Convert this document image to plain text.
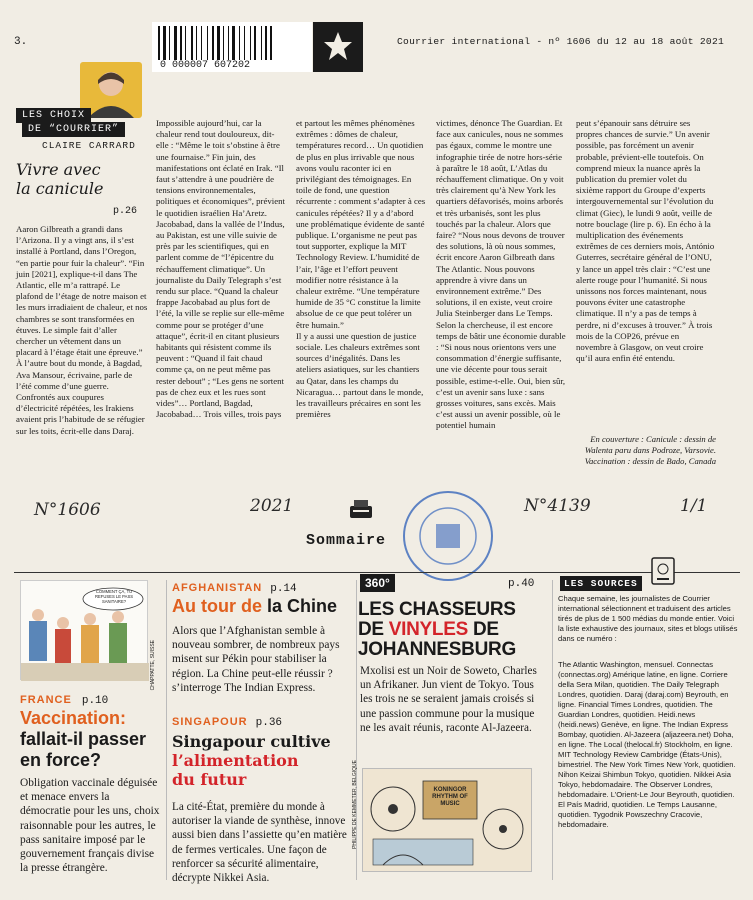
3.
0 000007 607202
Courrier international - nº 1606 du 12 au 18 août 2021
LES CHOIX
DE “COURRIER”
CLAIRE CARRARD
Vivre avec
la canicule
p.26

Aaron Gilbreath a grandi dans l’Arizona. Il y a vingt ans, il s’est installé à Portland, dans l’Oregon, “en partie pour fuir la chaleur”. “Fin juin [2021], explique-t-il dans The Atlantic, elle m’a rattrapé. Le plafond de l’étage de notre maison et les murs irradiaient de chaleur, et nos chambres se sont transformées en étuves. Le simple fait d’aller chercher un vêtement dans un placard à l’étage était une épreuve.”

À l’autre bout du monde, à Bagdad, Ava Mansour, écrivaine, parle de l’été comme d’une guerre. Confrontés aux coupures d’électricité répétées, les Irakiens avaient pris l’habitude de se réfugier sur les toits, écrit-elle dans Daraj.

Impossible aujourd’hui, car la chaleur rend tout douloureux, dit-elle : “Même le toit s’obstine à être une fournaise.” Fin juin, des manifestations ont éclaté en Irak. “Il faut s’attendre à une poudrière de tensions environnementales, politiques et économiques”, prévient le quotidien israélien Ha’Aretz. Jacobabad, dans la vallée de l’Indus, au Pakistan, est une ville suivie de près par les scientifiques, qui en parlent comme de “l’épicentre du réchauffement climatique”. Un journaliste du Daily Telegraph s’est rendu sur place. “Quand la chaleur frappe Jacobabad au plus fort de l’été, la ville se replie sur elle-même comme pour se protéger d’une attaque”, écrit-il en citant plusieurs habitants qui résistent comme ils peuvent : “Quand il fait chaud comme ça, on ne peut même pas rester debout” ; “Les gens ne sortent pas de chez eux et les rues sont vides”… Portland, Bagdad, Jacobabad… Trois villes, trois pays

et partout les mêmes phénomènes extrêmes : dômes de chaleur, températures record… Un quotidien de plus en plus irrivable que nous avons voulu raconter ici en privilégiant des témoignages. En toile de fond, une question récurrente : comment s’adapter à ces canicules répétées? Il y a d’abord une problématique évidente de santé publique. L’organisme ne peut pas tout supporter, explique la MIT Technology Review. L’humidité de l’air, l’âge et l’effort peuvent modifier notre résistance à la chaleur extrême. “Une température humide de 35 °C constitue la limite absolue de ce que peut tolérer un être humain.”

Il y a aussi une question de justice sociale. Les chaleurs extrêmes sont sources d’inégalités. Dans les ateliers asiatiques, sur les chantiers au Qatar, dans les champs du Nicaragua… partout dans le monde, les travailleurs précaires en sont les premières

victimes, dénonce The Guardian. Et face aux canicules, nous ne sommes pas égaux, comme le montre une infographie tirée de notre hors-série à paraître le 18 août, L’Atlas du réchauffement climatique. On y voit très clairement qu’à New York les quartiers défavorisés, moins arborés et très urbanisés, sont les plus touchés par la chaleur. Alors que faire? “Nous nous devons de trouver des solutions, là où nous sommes, écrit encore Aaron Gilbreath dans The Atlantic. Nous pouvons apprendre à vivre dans un environnement extrême.” Des solutions, il en existe, veut croire Julia Steinberger dans Le Temps. Selon la chercheuse, il est encore temps de bâtir une économie durable : “Si nous nous orientons vers une consommation d’énergie suffisante, une vie décente pour tous serait possible, estime-t-elle. Oui, bien sûr, c’est un avenir sans luxe : sans grosses voitures, sans excès. Mais c’est aussi un avenir possible, où le potentiel humain

peut s’épanouir sans détruire ses propres chances de survie.” Un avenir possible, pas forcément un avenir probable, prévient-elle toutefois. On comprend mieux la nuance après la publication du premier volet du sixième rapport du Groupe d’experts intergouvernemental sur l’évolution du climat (Giec), le lundi 9 août, veille de notre bouclage (lire p. 6). En écho à la multiplication des événements extrêmes de ces derniers mois, António Guterres, secrétaire général de l’ONU, y lance un appel très clair : “C’est une alerte rouge pour l’humanité. Si nous unissons nos forces maintenant, nous pouvons éviter une catastrophe climatique. Il n’y a pas de temps à perdre, ni d’excuses à trouver.” À trois mois de la COP26, prévue en novembre à Glasgow, on veut croire qu’il aura enfin été entendu.

En couverture : Canicule : dessin de Walenta paru dans Podroze, Varsovie. Vaccination : dessin de Bado, Canada
N°1606	2021	N°4139	1/1
Sommaire
COMMENT ÇA, TU REFUSES LE PASS SANITAIRE?
CHAPPATTE, SUISSE
FRANCE p.10
Vaccination:
fallait-il passer
en force?
Obligation vaccinale déguisée et menace envers la démocratie pour les uns, choix raisonnable pour les autres, le pass sanitaire imposé par le gouvernement français divise la presse étrangère.
AFGHANISTAN p.14
Au tour de la Chine
Alors que l’Afghanistan semble à nouveau sombrer, de nombreux pays misent sur Pékin pour stabiliser la région. La Chine peut-elle réussir ? s’interroge The Indian Express.
SINGAPOUR p.36
Singapour cultive
l’alimentation
du futur
La cité-État, première du monde à autoriser la viande de synthèse, innove aussi bien dans l’assiette qu’en matière de fermes verticales. Une façon de renforcer sa sécurité alimentaire, décrypte Nikkei Asia.
360°	p.40
LES CHASSEURS
DE VINYLES DE
JOHANNESBURG
Mxolisi est un Noir de Soweto, Charles un Afrikaner. Jun vient de Tokyo. Tous les trois ne se seraient jamais croisés si une passion commune pour la musique ne les avait réunis, raconte Al-Jazeera.
KONINGOR RHYTHM OF MUSIC
PHILIPPE DE KEMMETER, BELGIQUE
LES SOURCES
Chaque semaine, les journalistes de Courrier international sélectionnent et traduisent des articles tirés de plus de 1 500 médias du monde entier. Voici la liste exhaustive des journaux, sites et blogs utilisés dans ce numéro :
The Atlantic Washington, mensuel. Connectas (connectas.org) Amérique latine, en ligne. Corriere della Sera Milan, quotidien. The Daily Telegraph Londres, quotidien. Daraj (daraj.com) Beyrouth, en ligne. Financial Times Londres, quotidien. The Guardian Londres, quotidien. Heidi.news (heidi.news) Genève, en ligne. The Indian Express Bombay, quotidien. Al-Jazeera (aljazeera.net) Doha, en ligne. The Local (thelocal.fr) Stockholm, en ligne. MIT Technology Review Cambridge (États-Unis), bimestriel. The New York Times New York, quotidien. Nihon Keizai Shimbun Tokyo, quotidien. Nikkei Asia Tokyo, hebdomadaire. The Observer Londres, hebdomadaire. L’Orient-Le Jour Beyrouth, quotidien. El País Madrid, quotidien. Le Temps Lausanne, quotidien. Tygodnik Powszechny Cracovie, hebdomadaire.
